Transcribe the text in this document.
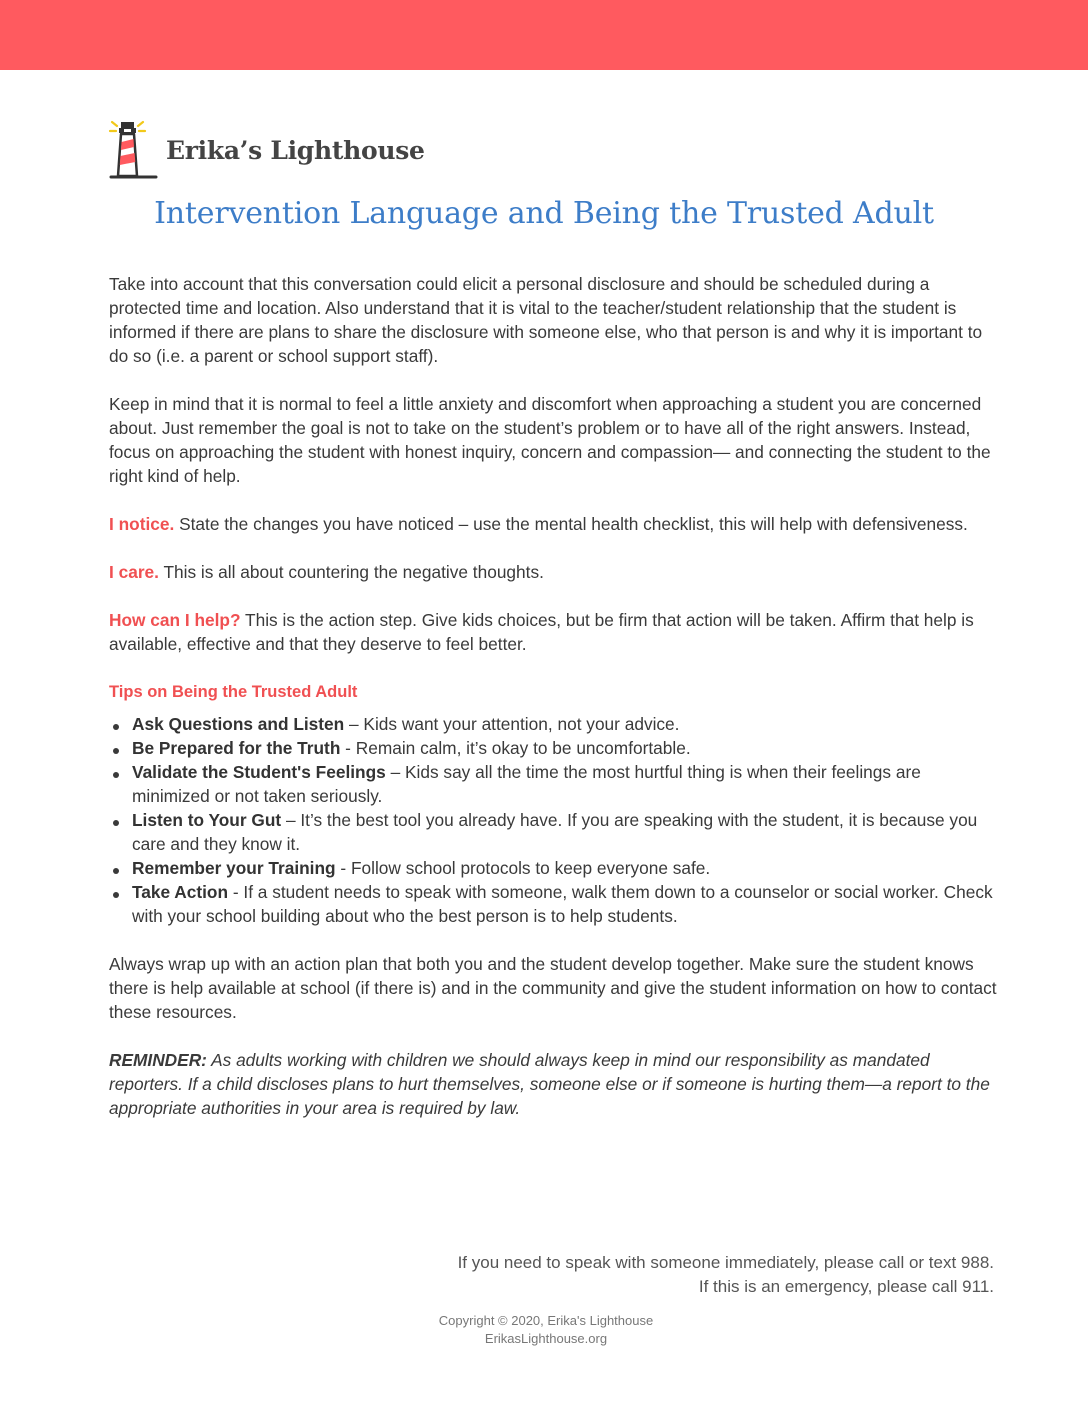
Erika’s Lighthouse
Intervention Language and Being the Trusted Adult

Take into account that this conversation could elicit a personal disclosure and should be scheduled during a protected time and location. Also understand that it is vital to the teacher/student relationship that the student is informed if there are plans to share the disclosure with someone else, who that person is and why it is important to do so (i.e. a parent or school support staff).

Keep in mind that it is normal to feel a little anxiety and discomfort when approaching a student you are concerned about. Just remember the goal is not to take on the student’s problem or to have all of the right answers. Instead, focus on approaching the student with honest inquiry, concern and compassion— and connecting the student to the right kind of help.

I notice. State the changes you have noticed – use the mental health checklist, this will help with defensiveness.

I care. This is all about countering the negative thoughts.

How can I help? This is the action step. Give kids choices, but be firm that action will be taken. Affirm that help is available, effective and that they deserve to feel better.

Tips on Being the Trusted Adult
Ask Questions and Listen – Kids want your attention, not your advice.
Be Prepared for the Truth - Remain calm, it’s okay to be uncomfortable.
Validate the Student's Feelings – Kids say all the time the most hurtful thing is when their feelings are minimized or not taken seriously.
Listen to Your Gut – It’s the best tool you already have. If you are speaking with the student, it is because you care and they know it.
Remember your Training - Follow school protocols to keep everyone safe.
Take Action - If a student needs to speak with someone, walk them down to a counselor or social worker. Check with your school building about who the best person is to help students.

Always wrap up with an action plan that both you and the student develop together. Make sure the student knows there is help available at school (if there is) and in the community and give the student information on how to contact these resources.

REMINDER: As adults working with children we should always keep in mind our responsibility as mandated reporters. If a child discloses plans to hurt themselves, someone else or if someone is hurting them—a report to the appropriate authorities in your area is required by law.

If you need to speak with someone immediately, please call or text 988.
If this is an emergency, please call 911.
Copyright © 2020, Erika's Lighthouse
ErikasLighthouse.org
